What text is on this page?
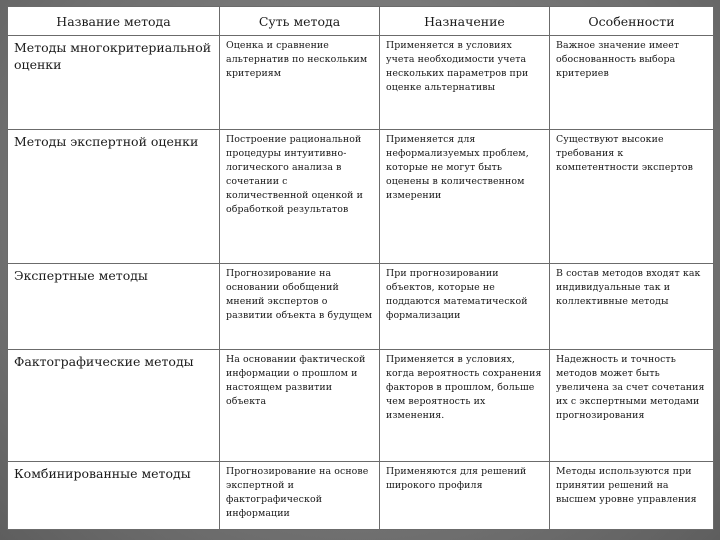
Название метода	Суть метода	Назначение	Особенности
Методы многокритериальной оценки	Оценка и сравнение альтернатив по нескольким критериям	Применяется в условиях учета необходимости учета нескольких параметров при оценке альтернативы	Важное значение имеет обоснованность выбора критериев
Методы экспертной оценки	Построение рациональной процедуры интуитивно-логического анализа в сочетании с количественной оценкой и обработкой результатов	Применяется для неформализуемых проблем, которые не могут быть оценены в количественном измерении	Существуют высокие требования к компетентности экспертов
Экспертные методы	Прогнозирование на основании обобщений мнений экспертов о развитии объекта в будущем	При прогнозировании объектов, которые не поддаются математической формализации	В состав методов входят как индивидуальные так и коллективные методы
Фактографические методы	На основании фактической информации о прошлом и настоящем развитии объекта	Применяется в условиях, когда вероятность сохранения факторов в прошлом, больше чем вероятность их изменения.	Надежность и точность методов может быть увеличена за счет сочетания их с экспертными методами прогнозирования
Комбинированные методы	Прогнозирование на основе экспертной и фактографической информации	Применяются для решений широкого профиля	Методы используются при принятии решений на высшем уровне управления
